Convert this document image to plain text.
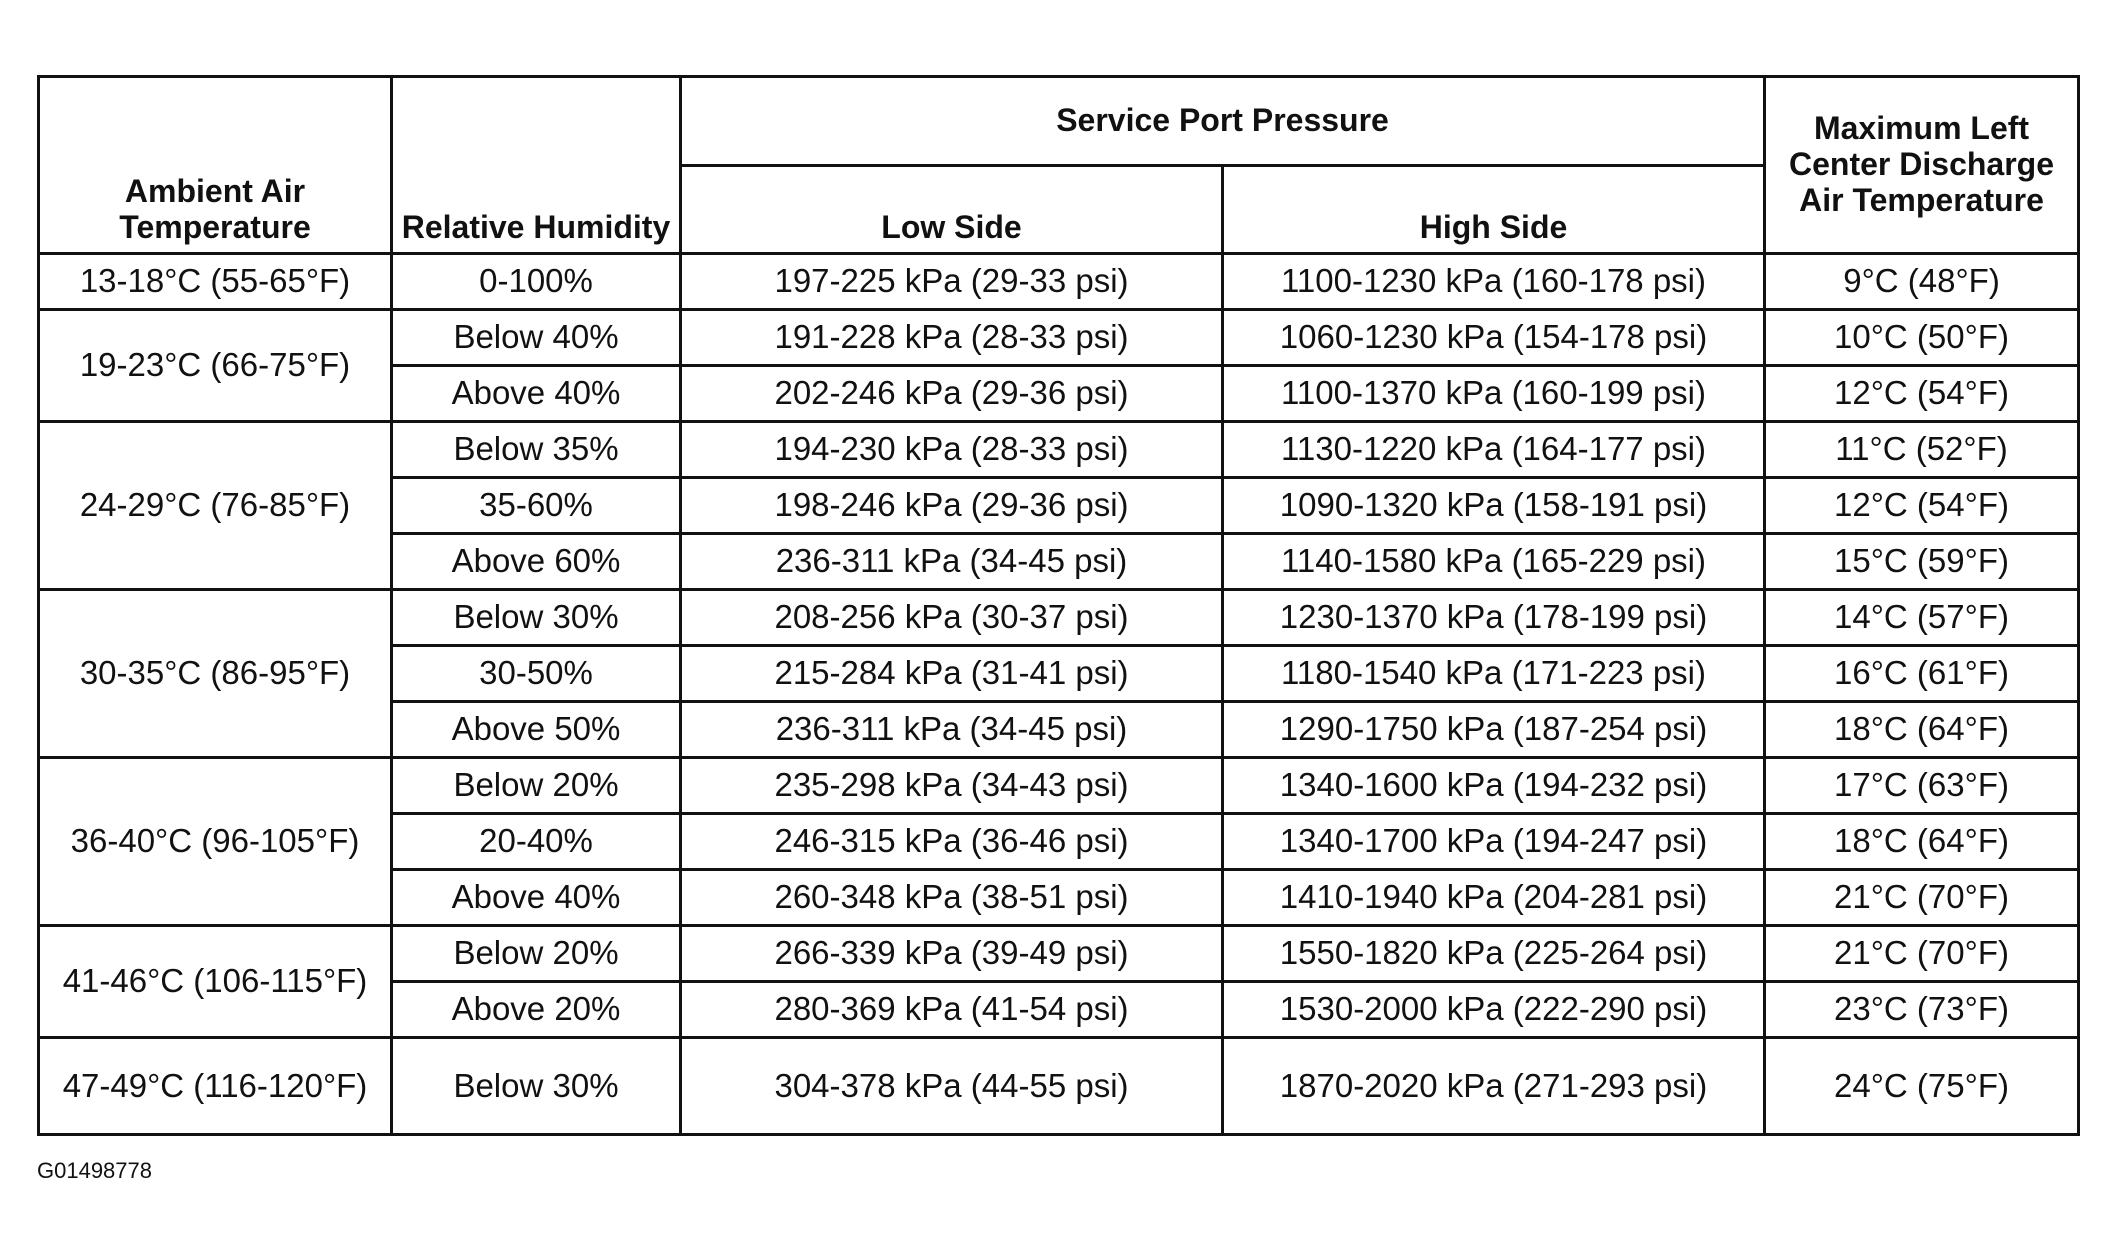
Ambient Air Temperature	Relative Humidity	Service Port Pressure		Maximum Left Center Discharge Air Temperature
		Low Side	High Side	
13-18°C (55-65°F)	0-100%	197-225 kPa (29-33 psi)	1100-1230 kPa (160-178 psi)	9°C (48°F)
19-23°C (66-75°F)	Below 40%	191-228 kPa (28-33 psi)	1060-1230 kPa (154-178 psi)	10°C (50°F)
	Above 40%	202-246 kPa (29-36 psi)	1100-1370 kPa (160-199 psi)	12°C (54°F)
24-29°C (76-85°F)	Below 35%	194-230 kPa (28-33 psi)	1130-1220 kPa (164-177 psi)	11°C (52°F)
	35-60%	198-246 kPa (29-36 psi)	1090-1320 kPa (158-191 psi)	12°C (54°F)
	Above 60%	236-311 kPa (34-45 psi)	1140-1580 kPa (165-229 psi)	15°C (59°F)
30-35°C (86-95°F)	Below 30%	208-256 kPa (30-37 psi)	1230-1370 kPa (178-199 psi)	14°C (57°F)
	30-50%	215-284 kPa (31-41 psi)	1180-1540 kPa (171-223 psi)	16°C (61°F)
	Above 50%	236-311 kPa (34-45 psi)	1290-1750 kPa (187-254 psi)	18°C (64°F)
36-40°C (96-105°F)	Below 20%	235-298 kPa (34-43 psi)	1340-1600 kPa (194-232 psi)	17°C (63°F)
	20-40%	246-315 kPa (36-46 psi)	1340-1700 kPa (194-247 psi)	18°C (64°F)
	Above 40%	260-348 kPa (38-51 psi)	1410-1940 kPa (204-281 psi)	21°C (70°F)
41-46°C (106-115°F)	Below 20%	266-339 kPa (39-49 psi)	1550-1820 kPa (225-264 psi)	21°C (70°F)
	Above 20%	280-369 kPa (41-54 psi)	1530-2000 kPa (222-290 psi)	23°C (73°F)
47-49°C (116-120°F)	Below 30%	304-378 kPa (44-55 psi)	1870-2020 kPa (271-293 psi)	24°C (75°F)
G01498778
